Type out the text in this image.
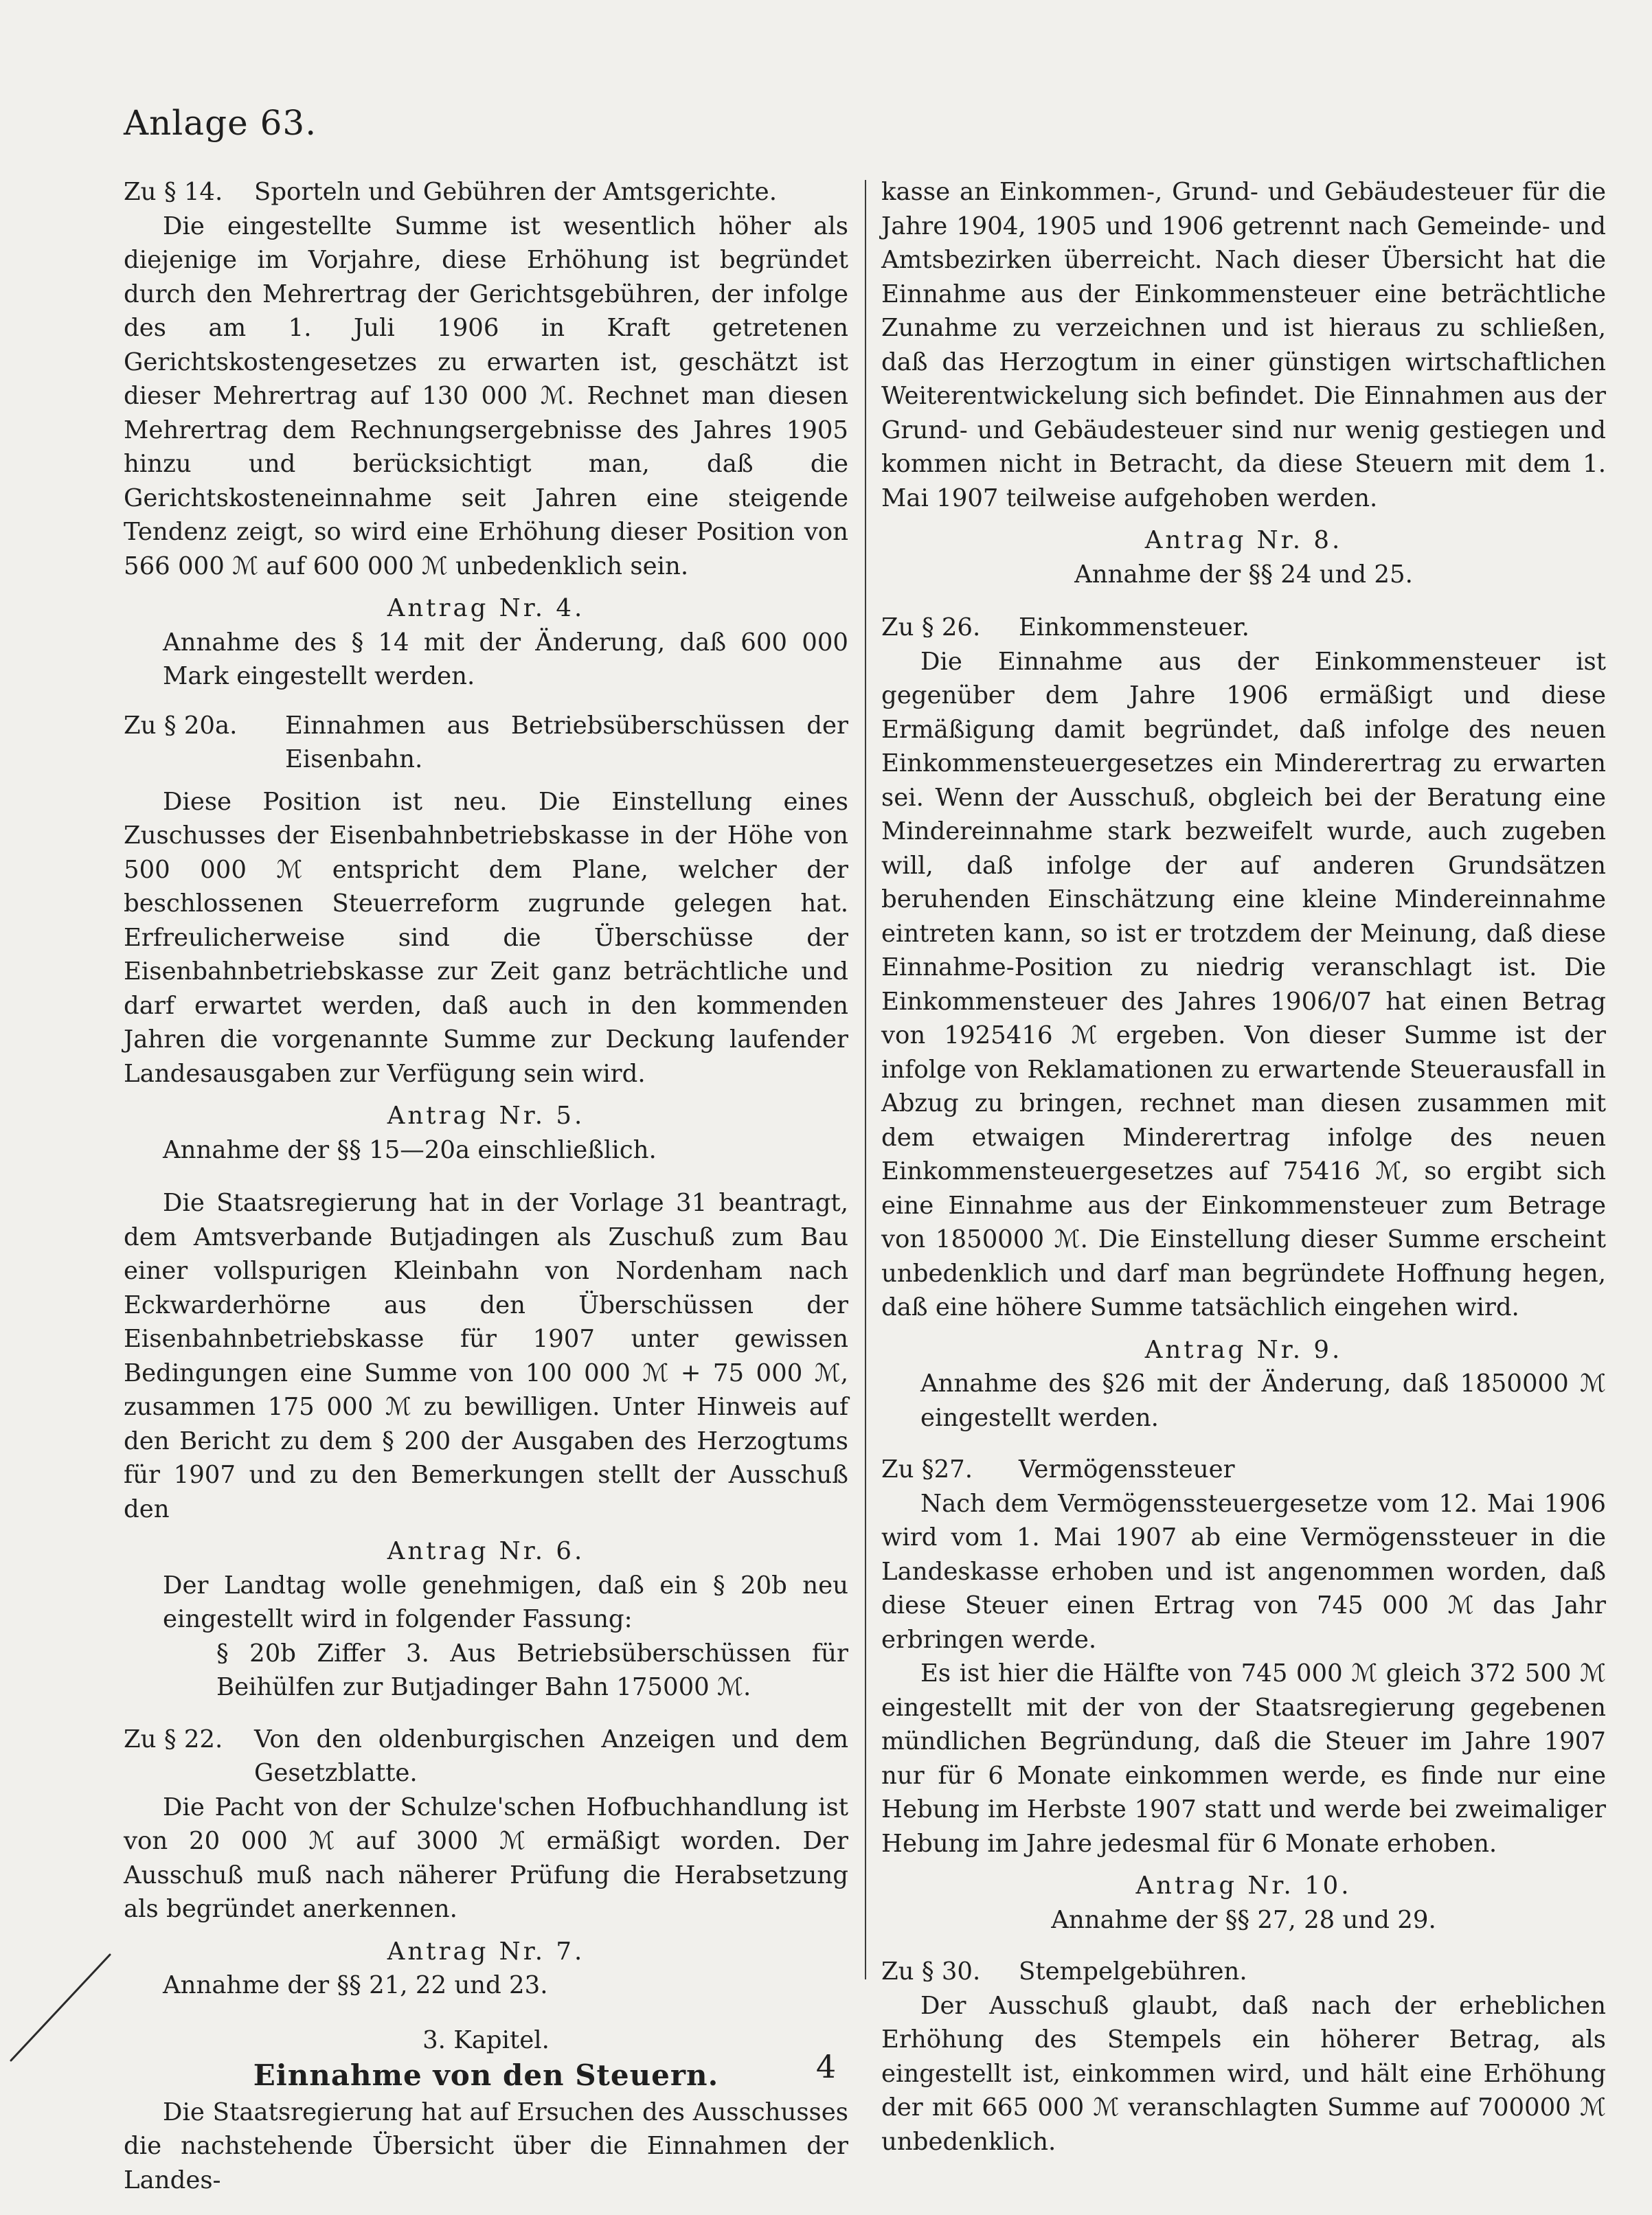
Anlage 63.
Zu § 14.	Sporteln und Gebühren der Amtsgerichte.

Die eingestellte Summe ist wesentlich höher als diejenige im Vorjahre, diese Erhöhung ist begründet durch den Mehrertrag der Gerichtsgebühren, der infolge des am 1. Juli 1906 in Kraft getretenen Gerichtskostengesetzes zu erwarten ist, geschätzt ist dieser Mehrertrag auf 130 000 ℳ. Rechnet man diesen Mehrertrag dem Rechnungsergebnisse des Jahres 1905 hinzu und berücksichtigt man, daß die Gerichtskosteneinnahme seit Jahren eine steigende Tendenz zeigt, so wird eine Erhöhung dieser Position von 566 000 ℳ auf 600 000 ℳ unbedenklich sein.

Antrag Nr. 4.

Annahme des § 14 mit der Änderung, daß 600 000 Mark eingestellt werden.

Zu § 20a.	Einnahmen aus Betriebsüberschüssen der Eisenbahn.

Diese Position ist neu. Die Einstellung eines Zuschusses der Eisenbahnbetriebskasse in der Höhe von 500 000 ℳ entspricht dem Plane, welcher der beschlossenen Steuerreform zugrunde gelegen hat. Erfreulicherweise sind die Überschüsse der Eisenbahnbetriebskasse zur Zeit ganz beträchtliche und darf erwartet werden, daß auch in den kommenden Jahren die vorgenannte Summe zur Deckung laufender Landesausgaben zur Verfügung sein wird.

Antrag Nr. 5.

Annahme der §§ 15—20a einschließlich.

Die Staatsregierung hat in der Vorlage 31 beantragt, dem Amtsverbande Butjadingen als Zuschuß zum Bau einer vollspurigen Kleinbahn von Nordenham nach Eckwarderhörne aus den Überschüssen der Eisenbahnbetriebskasse für 1907 unter gewissen Bedingungen eine Summe von 100 000 ℳ + 75 000 ℳ, zusammen 175 000 ℳ zu bewilligen. Unter Hinweis auf den Bericht zu dem § 200 der Ausgaben des Herzogtums für 1907 und zu den Bemerkungen stellt der Ausschuß den

Antrag Nr. 6.

Der Landtag wolle genehmigen, daß ein § 20b neu eingestellt wird in folgender Fassung:

§ 20b Ziffer 3. Aus Betriebsüberschüssen für Beihülfen zur Butjadinger Bahn 175000 ℳ.

Zu § 22.	Von den oldenburgischen Anzeigen und dem Gesetzblatte.

Die Pacht von der Schulze'schen Hofbuchhandlung ist von 20 000 ℳ auf 3000 ℳ ermäßigt worden. Der Ausschuß muß nach näherer Prüfung die Herabsetzung als begründet anerkennen.

Antrag Nr. 7.

Annahme der §§ 21, 22 und 23.

3. Kapitel.
Einnahme von den Steuern.

Die Staatsregierung hat auf Ersuchen des Ausschusses die nachstehende Übersicht über die Einnahmen der Landes-

kasse an Einkommen-, Grund- und Gebäudesteuer für die Jahre 1904, 1905 und 1906 getrennt nach Gemeinde- und Amtsbezirken überreicht. Nach dieser Übersicht hat die Einnahme aus der Einkommensteuer eine beträchtliche Zunahme zu verzeichnen und ist hieraus zu schließen, daß das Herzogtum in einer günstigen wirtschaftlichen Weiterentwickelung sich befindet. Die Einnahmen aus der Grund- und Gebäudesteuer sind nur wenig gestiegen und kommen nicht in Betracht, da diese Steuern mit dem 1. Mai 1907 teilweise aufgehoben werden.

Antrag Nr. 8.

Annahme der §§ 24 und 25.

Zu § 26.	Einkommensteuer.

Die Einnahme aus der Einkommensteuer ist gegenüber dem Jahre 1906 ermäßigt und diese Ermäßigung damit begründet, daß infolge des neuen Einkommensteuergesetzes ein Minderertrag zu erwarten sei. Wenn der Ausschuß, obgleich bei der Beratung eine Mindereinnahme stark bezweifelt wurde, auch zugeben will, daß infolge der auf anderen Grundsätzen beruhenden Einschätzung eine kleine Mindereinnahme eintreten kann, so ist er trotzdem der Meinung, daß diese Einnahme-Position zu niedrig veranschlagt ist. Die Einkommensteuer des Jahres 1906/07 hat einen Betrag von 1925416 ℳ ergeben. Von dieser Summe ist der infolge von Reklamationen zu erwartende Steuerausfall in Abzug zu bringen, rechnet man diesen zusammen mit dem etwaigen Minderertrag infolge des neuen Einkommensteuergesetzes auf 75416 ℳ, so ergibt sich eine Einnahme aus der Einkommensteuer zum Betrage von 1850000 ℳ. Die Einstellung dieser Summe erscheint unbedenklich und darf man begründete Hoffnung hegen, daß eine höhere Summe tatsächlich eingehen wird.

Antrag Nr. 9.

Annahme des §26 mit der Änderung, daß 1850000 ℳ eingestellt werden.

Zu §27.	Vermögenssteuer

Nach dem Vermögenssteuergesetze vom 12. Mai 1906 wird vom 1. Mai 1907 ab eine Vermögenssteuer in die Landeskasse erhoben und ist angenommen worden, daß diese Steuer einen Ertrag von 745 000 ℳ das Jahr erbringen werde.

Es ist hier die Hälfte von 745 000 ℳ gleich 372 500 ℳ eingestellt mit der von der Staatsregierung gegebenen mündlichen Begründung, daß die Steuer im Jahre 1907 nur für 6 Monate einkommen werde, es finde nur eine Hebung im Herbste 1907 statt und werde bei zweimaliger Hebung im Jahre jedesmal für 6 Monate erhoben.

Antrag Nr. 10.

Annahme der §§ 27, 28 und 29.

Zu § 30.	Stempelgebühren.

Der Ausschuß glaubt, daß nach der erheblichen Erhöhung des Stempels ein höherer Betrag, als eingestellt ist, einkommen wird, und hält eine Erhöhung der mit 665 000 ℳ veranschlagten Summe auf 700000 ℳ unbedenklich.

4
